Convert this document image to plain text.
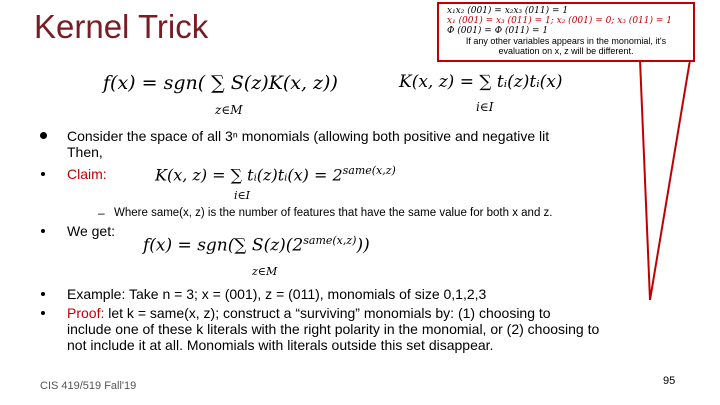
Kernel Trick
f(x) = sgn( ∑ S(z)K(x, z))
z∈M
K(x, z) = ∑ tᵢ(z)tᵢ(x)
i∈I
Consider the space of all 3ⁿ monomials (allowing both positive and negative lit
Then,
Claim:	K(x, z) = ∑ tᵢ(z)tᵢ(x) = $2^{same(x,z)}$
i∈I
– Where same(x, z) is the number of features that have the same value for both x and z.
We get:
f(x) = sgn(∑ $S(z)(2^{same(x,z)})$)
z∈M
Example: Take n = 3; x = (001), z = (011), monomials of size 0,1,2,3
Proof: let k = same(x, z); construct a “surviving” monomials by: (1) choosing to
include one of these k literals with the right polarity in the monomial, or (2) choosing to
not include it at all. Monomials with literals outside this set disappear.
x₁x₂ (001) = x₂x₃ (011) = 1
x₁ (001) = x₃ (011) = 1; x₂ (001) = 0; x₃ (011) = 1
Φ (001) = Φ (011) = 1
If any other variables appears in the monomial, it's
evaluation on x, z will be different.
CIS 419/519 Fall'19	95
